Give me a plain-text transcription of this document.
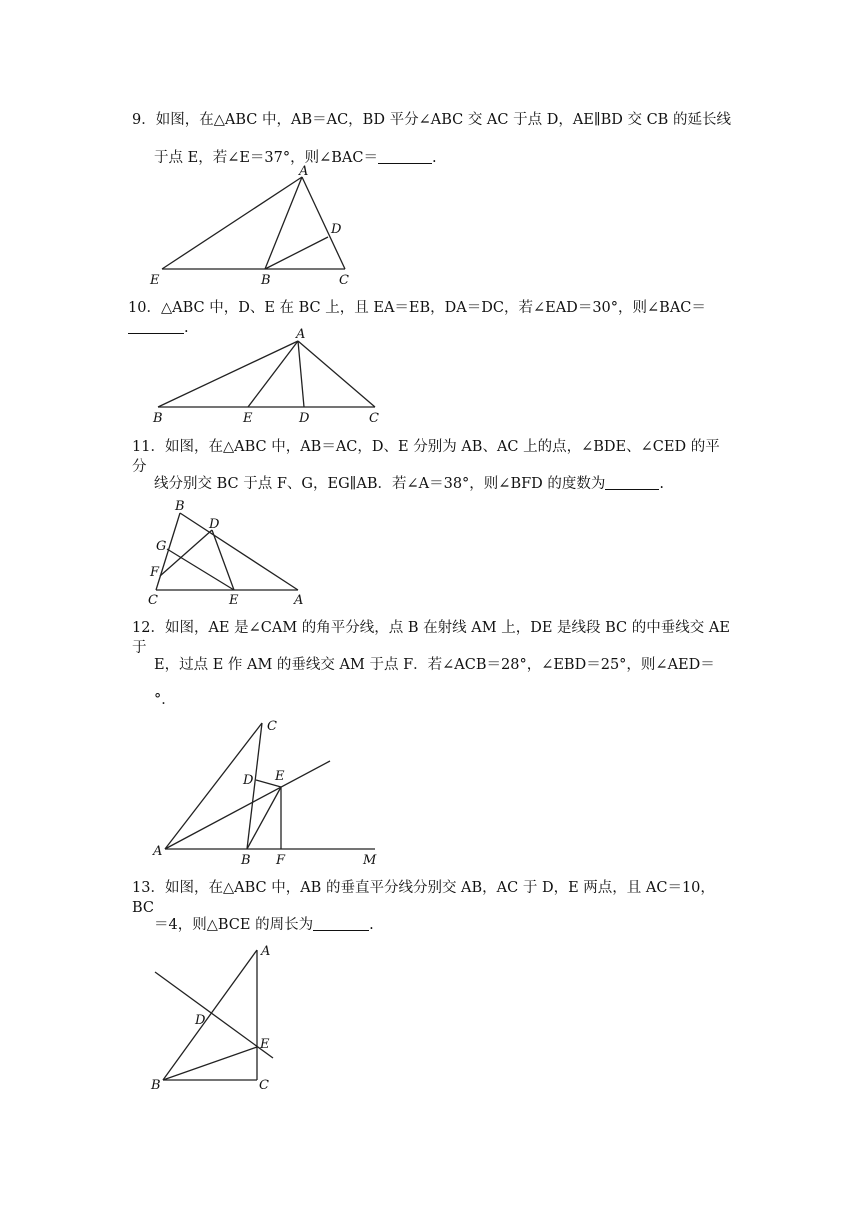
9．如图，在△ABC 中，AB＝AC，BD 平分∠ABC 交 AC 于点 D，AE∥BD 交 CB 的延长线
于点 E，若∠E＝37°，则∠BAC＝	.
A
D
E	B	C
10．△ABC 中，D、E 在 BC 上，且 EA＝EB，DA＝DC，若∠EAD＝30°，则∠BAC＝.	A
B	E	D	C
11．如图，在△ABC 中，AB＝AC，D、E 分别为 AB、AC 上的点，∠BDE、∠CED 的平分
线分别交 BC 于点 F、G，EG∥AB．若∠A＝38°，则∠BFD 的度数为	.
B
D
G
F
C	E	A
12．如图，AE 是∠CAM 的角平分线，点 B 在射线 AM 上，DE 是线段 BC 的中垂线交 AE 于
E，过点 E 作 AM 的垂线交 AM 于点 F．若∠ACB＝28°，∠EBD＝25°，则∠AED＝
°．
C
D E
A
B F	M
13．如图，在△ABC 中，AB 的垂直平分线分别交 AB，AC 于 D，E 两点，且 AC＝10，BC
＝4，则△BCE 的周长为	.
A
D
E
B	C
